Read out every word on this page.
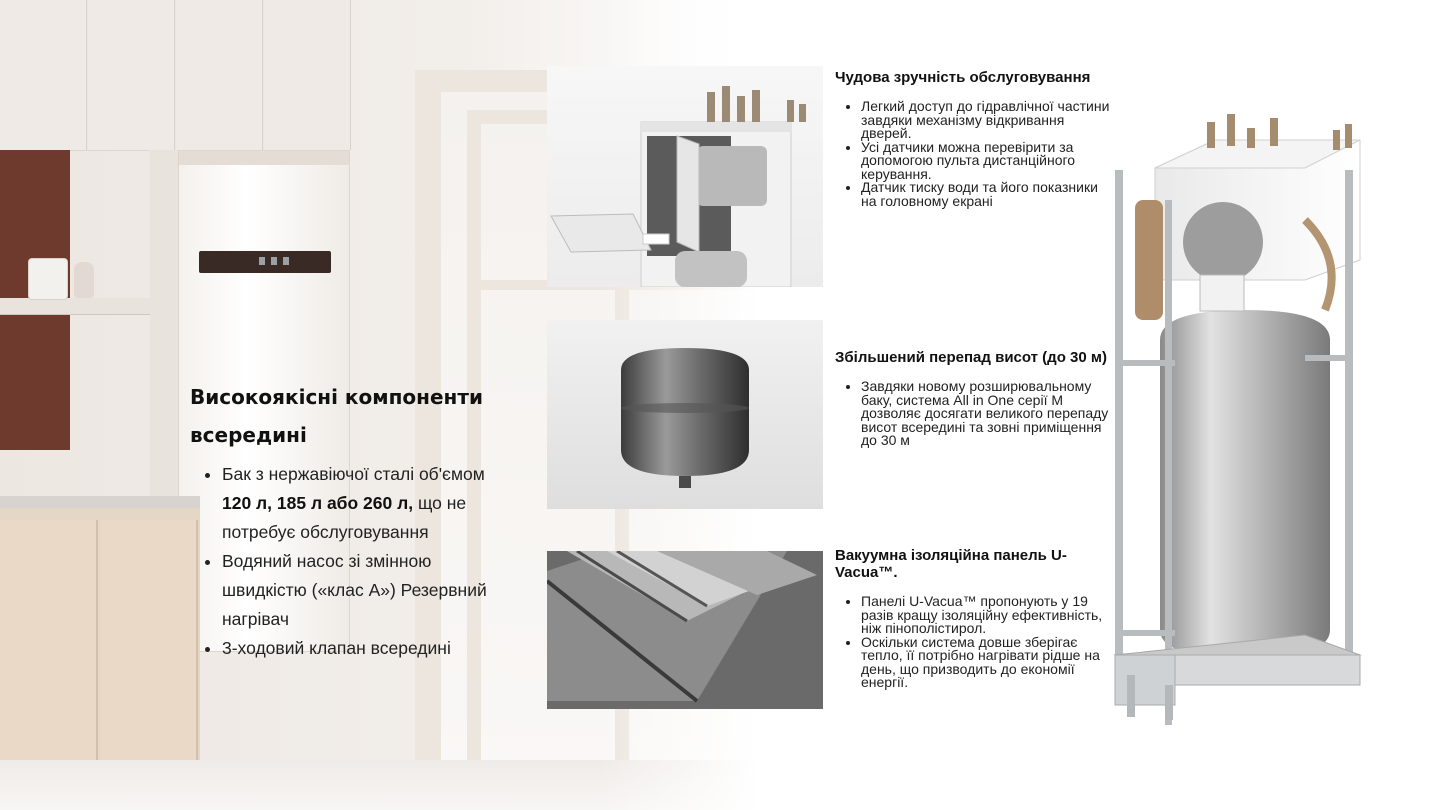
Високоякісні компоненти всередині
• Бак з нержавіючої сталі об'ємом 120 л, 185 л або 260 л, що не потребує обслуговування
• Водяний насос зі змінною швидкістю («клас А») Резервний нагрівач
• 3-ходовий клапан всередині
Чудова зручність обслуговування
• Легкий доступ до гідравлічної частини завдяки механізму відкривання дверей.
• Усі датчики можна перевірити за допомогою пульта дистанційного керування.
• Датчик тиску води та його показники на головному екрані
Збільшений перепад висот (до 30 м)
• Завдяки новому розширювальному баку, система All in One серії M дозволяє досягати великого перепаду висот всередині та зовні приміщення до 30 м
Вакуумна ізоляційна панель U-Vacua™.
• Панелі U-Vacua™ пропонують у 19 разів кращу ізоляційну ефективність, ніж пінополістирол.
• Оскільки система довше зберігає тепло, її потрібно нагрівати рідше на день, що призводить до економії енергії.
